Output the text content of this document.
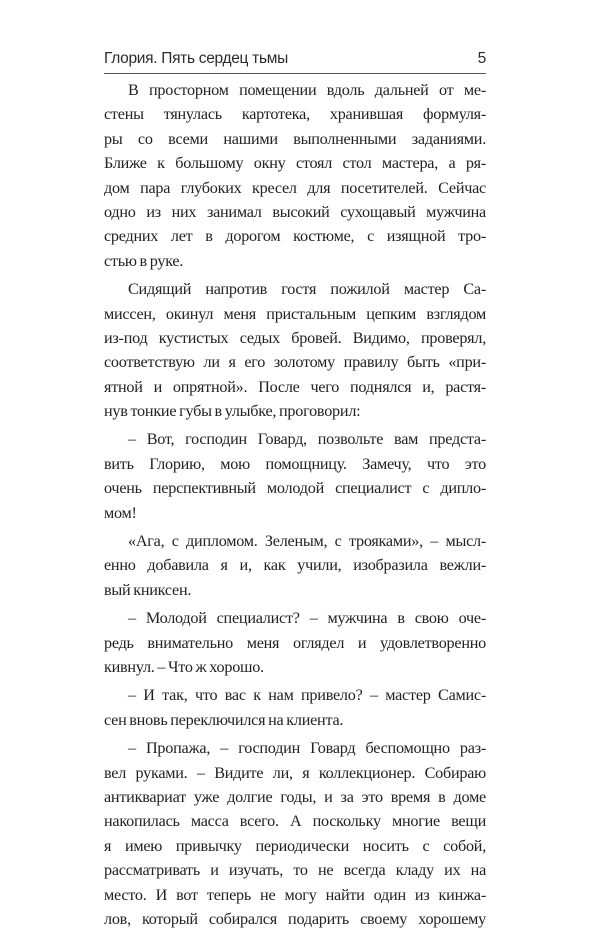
Глория. Пять сердец тьмы	5
В просторном помещении вдоль дальней от ме-
стены тянулась картотека, хранившая формуля-
ры со всеми нашими выполненными заданиями.
Ближе к большому окну стоял стол мастера, а ря-
дом пара глубоких кресел для посетителей. Сейчас
одно из них занимал высокий сухощавый мужчина
средних лет в дорогом костюме, с изящной тро-
стью в руке.
Сидящий напротив гостя пожилой мастер Са-
миссен, окинул меня пристальным цепким взглядом
из-под кустистых седых бровей. Видимо, проверял,
соответствую ли я его золотому правилу быть «при-
ятной и опрятной». После чего поднялся и, растя-
нув тонкие губы в улыбке, проговорил:
– Вот, господин Говард, позвольте вам предста-
вить Глорию, мою помощницу. Замечу, что это
очень перспективный молодой специалист с дипло-
мом!
«Ага, с дипломом. Зеленым, с трояками», – мысл-
енно добавила я и, как учили, изобразила вежли-
вый книксен.
– Молодой специалист? – мужчина в свою оче-
редь внимательно меня оглядел и удовлетворенно
кивнул. – Что ж хорошо.
– И так, что вас к нам привело? – мастер Самис-
сен вновь переключился на клиента.
– Пропажа, – господин Говард беспомощно раз-
вел руками. – Видите ли, я коллекционер. Собираю
антиквариат уже долгие годы, и за это время в доме
накопилась масса всего. А поскольку многие вещи
я имею привычку периодически носить с собой,
рассматривать и изучать, то не всегда кладу их на
место. И вот теперь не могу найти один из кинжа-
лов, который собирался подарить своему хорошему
